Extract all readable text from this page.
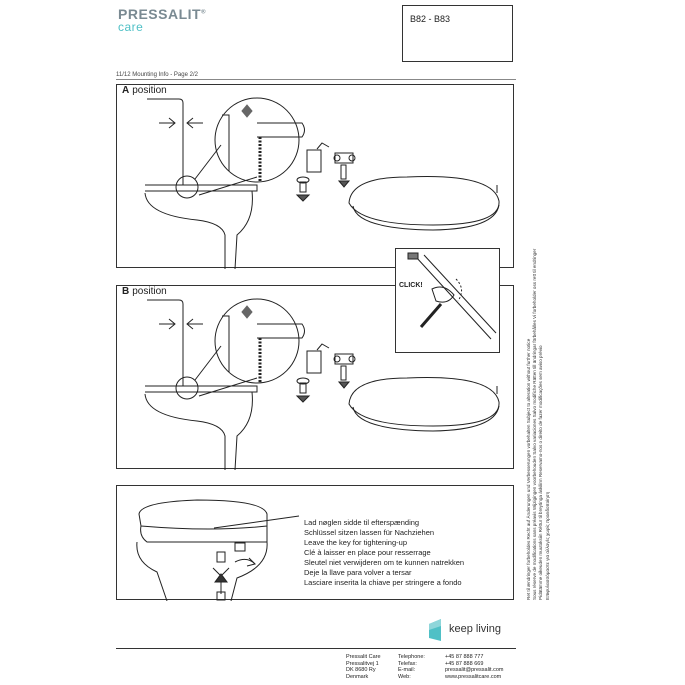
PRESSALIT®
care
B82 - B83
11/12 Mounting Info - Page 2/2
A position
B position
CLICK!
Lad nøglen sidde til efterspænding
Schlüssel sitzen lassen für Nachziehen
Leave the key for tightening-up
Clé à laisser en place pour resserrage
Sleutel niet verwijderen om te kunnen natrekken
Deje la llave para volver a tersar
Lasciare inserita la chiave per stringere a fondo	Ret til ændringer forbeholdes Recht auf Änderungen und Verbesserungen vorbehalten Subject to alteration without further notice Sous réserve de modifications sans préavis Wijzigingen voorbehouden Salvo variaciones Salvo modifiche Rätten till ändringar förbehålles Vi forbeholder oss rett til endringer Pidätämme oikeuden muutoksiin Réttur til breytinga áskilinn Reservamo-nos o direito de fazer modificações sem aviso prévio Επιφυλασσόμαστε για αλλαγές χωρίς προειδοποίηση
keep living
Pressalit Care
Pressalitvej 1
DK 8680 Ry
Denmark
Telephone:
Telefax:
E-mail:
Web:
+45 87 888 777
+45 87 888 669
pressalit@pressalit.com
www.pressalitcare.com
